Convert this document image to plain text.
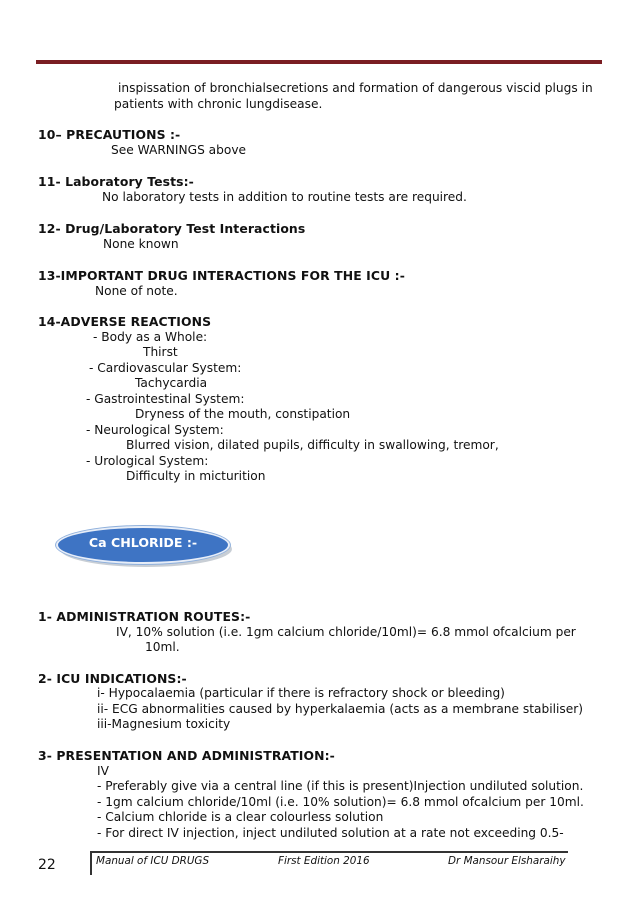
inspissation of bronchialsecretions and formation of dangerous viscid plugs in
patients with chronic lungdisease.
10– PRECAUTIONS :-
See WARNINGS above
11- Laboratory Tests:-
No laboratory tests in addition to routine tests are required.
12- Drug/Laboratory Test Interactions
None known
13-IMPORTANT DRUG INTERACTIONS FOR THE ICU :-
None of note.
14-ADVERSE REACTIONS
- Body as a Whole:
Thirst
- Cardiovascular System:
Tachycardia
- Gastrointestinal System:
Dryness of the mouth, constipation
- Neurological System:
Blurred vision, dilated pupils, difficulty in swallowing, tremor,
- Urological System:
Difficulty in micturition
Ca CHLORIDE :-
1- ADMINISTRATION ROUTES:-
IV, 10% solution (i.e. 1gm calcium chloride/10ml)= 6.8 mmol ofcalcium per
10ml.
2- ICU INDICATIONS:-
i- Hypocalaemia (particular if there is refractory shock or bleeding)
ii- ECG abnormalities caused by hyperkalaemia (acts as a membrane stabiliser)
iii-Magnesium toxicity
3- PRESENTATION AND ADMINISTRATION:-
IV
- Preferably give via a central line (if this is present)Injection undiluted solution.
- 1gm calcium chloride/10ml (i.e. 10% solution)= 6.8 mmol ofcalcium per 10ml.
- Calcium chloride is a clear colourless solution
- For direct IV injection, inject undiluted solution at a rate not exceeding 0.5-
22	Manual of ICU DRUGS	First Edition 2016	Dr Mansour Elsharaihy
